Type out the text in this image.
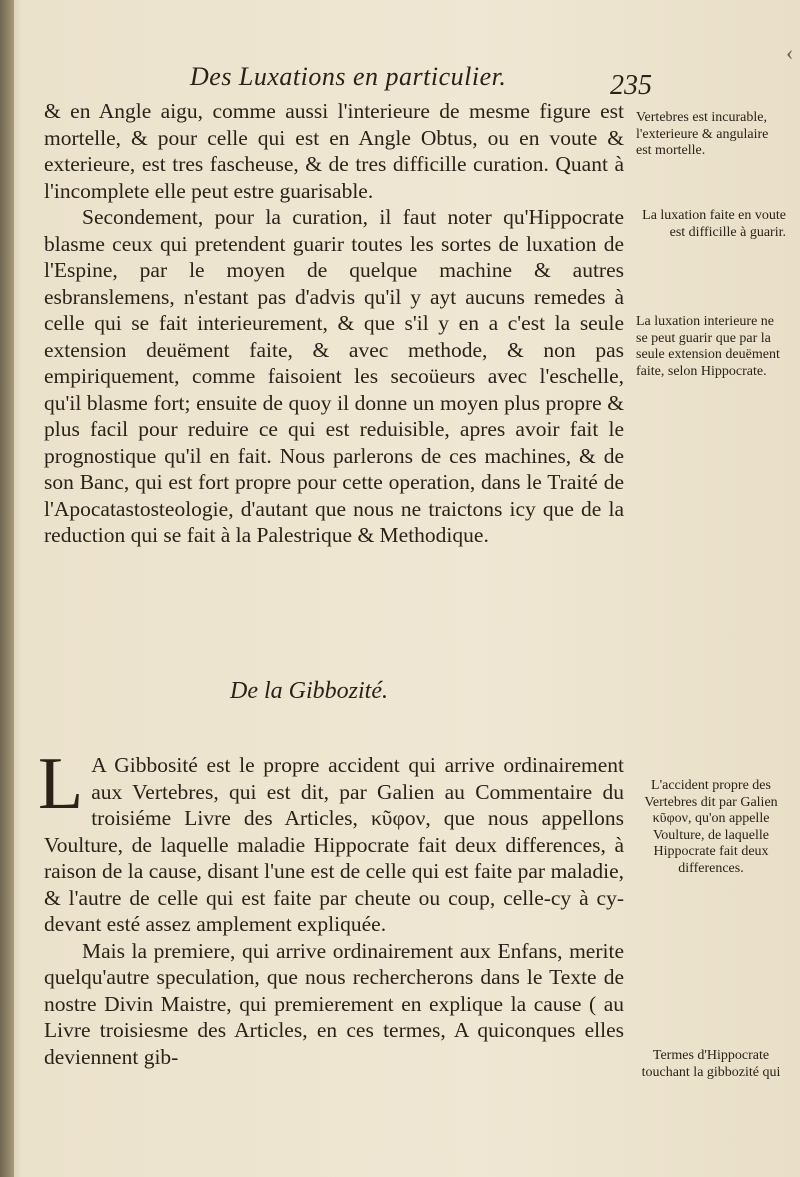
‹
Des Luxations en particulier.	235

& en Angle aigu, comme aussi l'interieure de mesme figure est mortelle, & pour celle qui est en Angle Obtus, ou en voute & exterieure, est tres fascheuse, & de tres difficille curation. Quant à l'incomplete elle peut estre guarisable.

Secondement, pour la curation, il faut noter qu'Hippocrate blasme ceux qui pretendent guarir toutes les sortes de luxation de l'Espine, par le moyen de quelque machine & autres esbranslemens, n'estant pas d'advis qu'il y ayt aucuns remedes à celle qui se fait interieurement, & que s'il y en a c'est la seule extension deuëment faite, & avec methode, & non pas empiriquement, comme faisoient les secoüeurs avec l'eschelle, qu'il blasme fort; ensuite de quoy il donne un moyen plus propre & plus facil pour reduire ce qui est reduisible, apres avoir fait le prognostique qu'il en fait. Nous parlerons de ces machines, & de son Banc, qui est fort propre pour cette operation, dans le Traité de l'Apocatastosteologie, d'autant que nous ne traictons icy que de la reduction qui se fait à la Palestrique & Methodique.

De la Gibbozité.

L A Gibbosité est le propre accident qui arrive ordinairement aux Vertebres, qui est dit, par Galien au Commentaire du troisiéme Livre des Articles, κῦφον, que nous appellons Voulture, de laquelle maladie Hippocrate fait deux differences, à raison de la cause, disant l'une est de celle qui est faite par maladie, & l'autre de celle qui est faite par cheute ou coup, celle-cy à cy-devant esté assez amplement expliquée.

Mais la premiere, qui arrive ordinairement aux Enfans, merite quelqu'autre speculation, que nous rechercherons dans le Texte de nostre Divin Maistre, qui premierement en explique la cause ( au Livre troisiesme des Articles, en ces termes, A quiconques elles deviennent gib-

Vertebres est incurable, l'exterieure & angulaire est mortelle.

La luxation faite en voute est difficille à guarir.

La luxation interieure ne se peut guarir que par la seule extension deuëment faite, selon Hippocrate.

L'accident propre des Vertebres dit par Galien κῦφον, qu'on appelle Voulture, de laquelle Hippocrate fait deux differences.

Termes d'Hippocrate touchant la gibbozité qui
